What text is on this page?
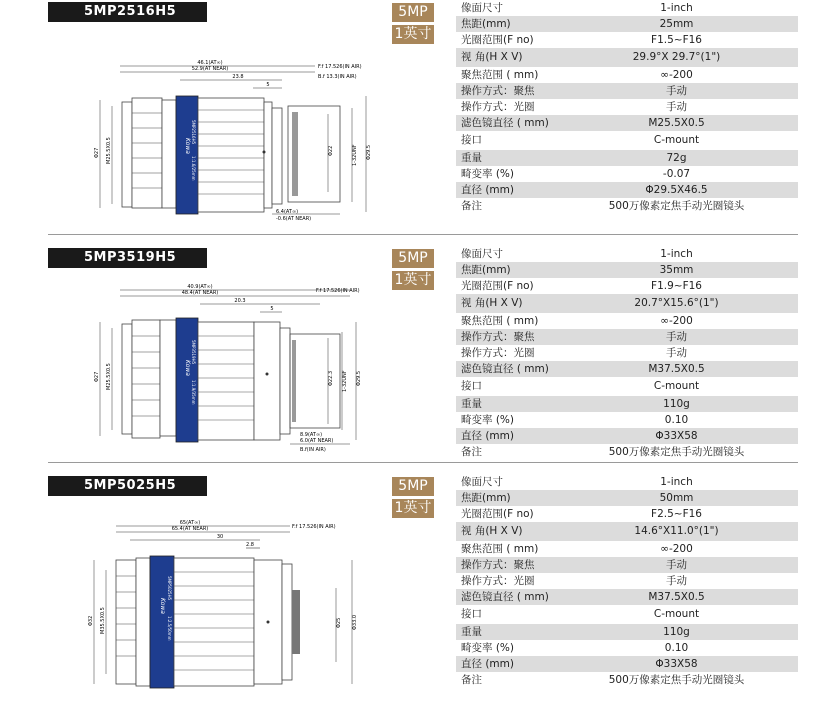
5MP2516H5	5MP
1英寸
46.1(AT∞)
52.9(AT NEAR)
23.8
5
F.f 17.526(IN AIR)
B.f 13.3(IN AIR)
Kowa
5MP2516H5
1:1.6/25mm
Φ22	1-32UNF Φ29.5
Φ27 M25.5X0.5
6.4(AT∞)
-0.6(AT NEAR)
像面尺寸	1-inch
焦距(mm)	25mm
光圈范围(F no)	F1.5~F16
视 角(H X V)	29.9°X 29.7°(1")
聚焦范围 ( mm)	∞-200
操作方式：聚焦	手动
操作方式：光圈	手动
滤色镜直径 ( mm)	M25.5X0.5
接口	C-mount
重量	72g
畸变率 (%)	-0.07
直径 (mm)	Φ29.5X46.5
备注	500万像素定焦手动光圈镜头
5MP3519H5	5MP
1英寸
40.9(AT∞)
48.4(AT NEAR)
20.3
5
F.f 17.526(IN AIR)
Kowa
5MP3519H5
1:1.9/35mm
Φ22.3 1-32UNF Φ29.5
Φ27 M25.5X0.5
8.9(AT∞)
6.0(AT NEAR)
B.f(IN AIR)
像面尺寸	1-inch
焦距(mm)	35mm
光圈范围(F no)	F1.9~F16
视 角(H X V)	20.7°X15.6°(1")
聚焦范围 ( mm)	∞-200
操作方式：聚焦	手动
操作方式：光圈	手动
滤色镜直径 ( mm)	M37.5X0.5
接口	C-mount
重量	110g
畸变率 (%)	0.10
直径 (mm)	Φ33X58
备注	500万像素定焦手动光圈镜头
5MP5025H5	5MP
1英寸
65(AT∞)
65.4(AT NEAR)
30
2.8
F.f 17.526(IN AIR)
Kowa
5MP5025H5
1:2.5/50mm	Φ25 Φ33.0
Φ32 M35.5X0.5
像面尺寸	1-inch
焦距(mm)	50mm
光圈范围(F no)	F2.5~F16
视 角(H X V)	14.6°X11.0°(1")
聚焦范围 ( mm)	∞-200
操作方式：聚焦	手动
操作方式：光圈	手动
滤色镜直径 ( mm)	M37.5X0.5
接口	C-mount
重量	110g
畸变率 (%)	0.10
直径 (mm)	Φ33X58
备注	500万像素定焦手动光圈镜头
